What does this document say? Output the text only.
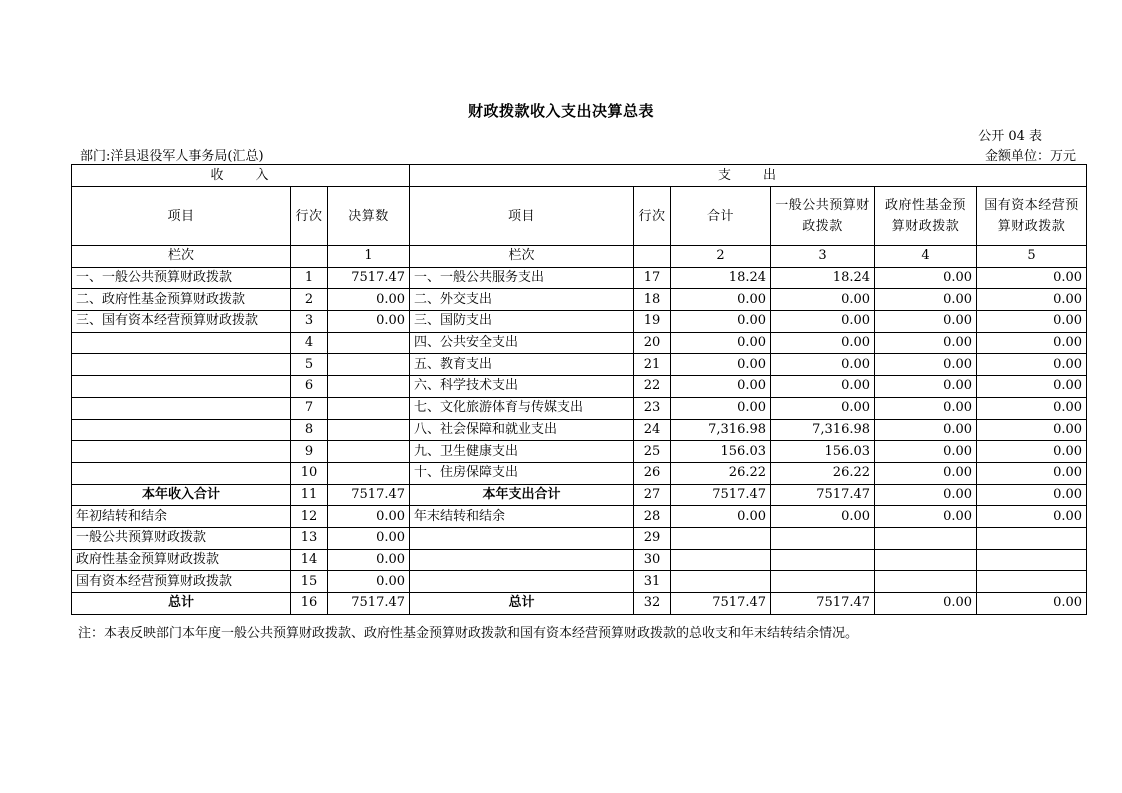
财政拨款收入支出决算总表
公开 04 表
部门:洋县退役军人事务局(汇总)	金额单位：万元
收　　入			支　　出					
项目	行次	决算数	项目	行次	合计	一般公共预算财政拨款	政府性基金预算财政拨款	国有资本经营预算财政拨款
栏次		1	栏次		2	3	4	5
一、一般公共预算财政拨款	1	7517.47	一、一般公共服务支出	17	18.24	18.24	0.00	0.00
二、政府性基金预算财政拨款	2	0.00	二、外交支出	18	0.00	0.00	0.00	0.00
三、国有资本经营预算财政拨款	3	0.00	三、国防支出	19	0.00	0.00	0.00	0.00
	4		四、公共安全支出	20	0.00	0.00	0.00	0.00
	5		五、教育支出	21	0.00	0.00	0.00	0.00
	6		六、科学技术支出	22	0.00	0.00	0.00	0.00
	7		七、文化旅游体育与传媒支出	23	0.00	0.00	0.00	0.00
	8		八、社会保障和就业支出	24	7,316.98	7,316.98	0.00	0.00
	9		九、卫生健康支出	25	156.03	156.03	0.00	0.00
	10		十、住房保障支出	26	26.22	26.22	0.00	0.00
本年收入合计	11	7517.47	本年支出合计	27	7517.47	7517.47	0.00	0.00
年初结转和结余	12	0.00	年末结转和结余	28	0.00	0.00	0.00	0.00
一般公共预算财政拨款	13	0.00		29				
政府性基金预算财政拨款	14	0.00		30				
国有资本经营预算财政拨款	15	0.00		31				
总计	16	7517.47	总计	32	7517.47	7517.47	0.00	0.00
注：本表反映部门本年度一般公共预算财政拨款、政府性基金预算财政拨款和国有资本经营预算财政拨款的总收支和年末结转结余情况。
